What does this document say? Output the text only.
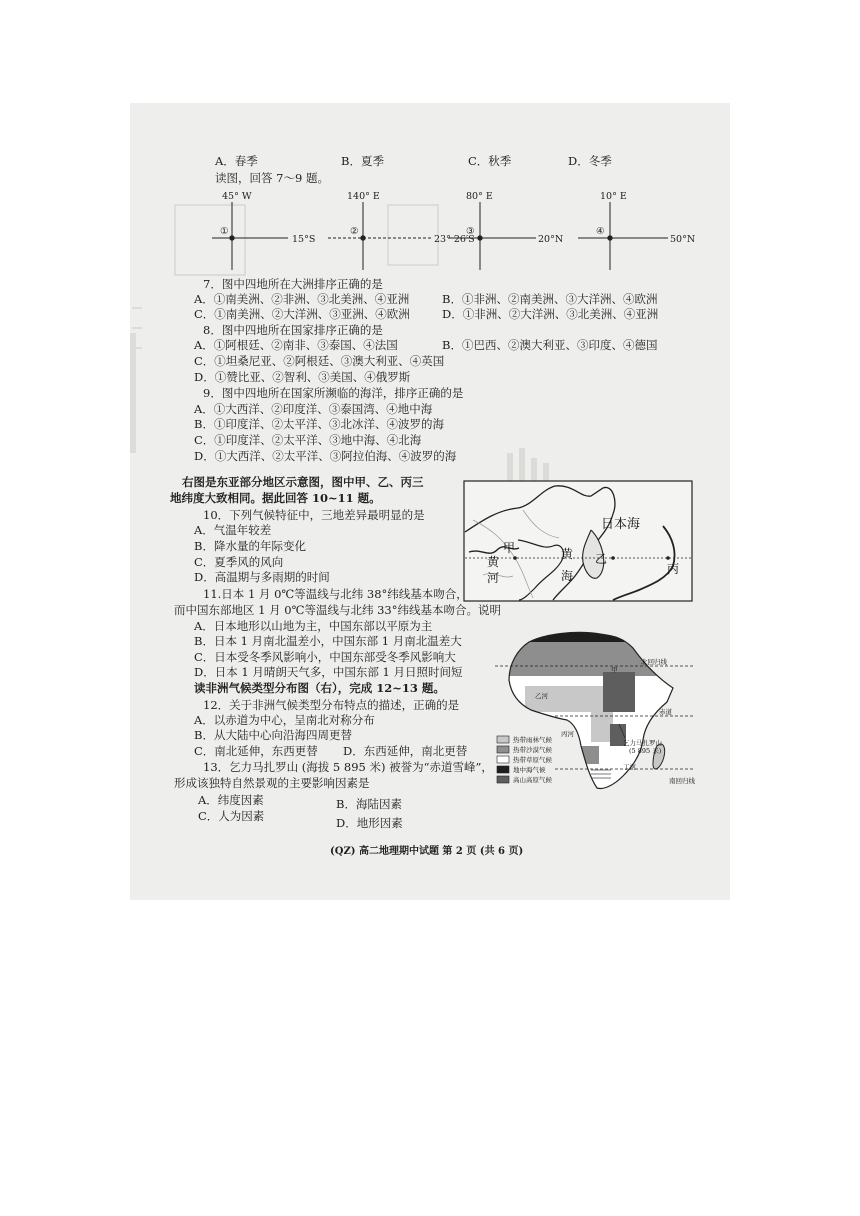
A．春季	B．夏季	C．秋季	D．冬季
读图，回答 7～9 题。
45° W
①
15°S
140° E
②
23° 26′S
80° E
③
20°N
10° E
④
50°N
7．图中四地所在大洲排序正确的是
A．①南美洲、②非洲、③北美洲、④亚洲	B．①非洲、②南美洲、③大洋洲、④欧洲
C．①南美洲、②大洋洲、③亚洲、④欧洲	D．①非洲、②大洋洲、③北美洲、④亚洲
8．图中四地所在国家排序正确的是
A．①阿根廷、②南非、③泰国、④法国	B．①巴西、②澳大利亚、③印度、④德国
C．①坦桑尼亚、②阿根廷、③澳大利亚、④英国
D．①赞比亚、②智利、③美国、④俄罗斯
9．图中四地所在国家所濒临的海洋，排序正确的是
A．①大西洋、②印度洋、③泰国湾、④地中海
B．①印度洋、②太平洋、③北冰洋、④波罗的海
C．①印度洋、②太平洋、③地中海、④北海
D．①大西洋、②太平洋、③阿拉伯海、④波罗的海
右图是东亚部分地区示意图，图中甲、乙、丙三
地纬度大致相同。据此回答 10~11 题。
日本海
甲
乙
丙
黄
河
黄
海
10．下列气候特征中，三地差异最明显的是
A．气温年较差
B．降水量的年际变化
C．夏季风的风向
D．高温期与多雨期的时间
11.日本 1 月 0℃等温线与北纬 38°纬线基本吻合，
而中国东部地区 1 月 0℃等温线与北纬 33°纬线基本吻合。说明
A．日本地形以山地为主，中国东部以平原为主
B．日本 1 月南北温差小，中国东部 1 月南北温差大
C．日本受冬季风影响小，中国东部受冬季风影响大
D．日本 1 月晴朗天气多，中国东部 1 月日照时间短
读非洲气候类型分布图（右），完成 12~13 题。
12．关于非洲气候类型分布特点的描述，正确的是
A．以赤道为中心，呈南北对称分布
B．从大陆中心向沿海四周更替
C．南北延伸，东西更替 D．东西延伸，南北更替
13．乞力马扎罗山 (海拔 5 895 米) 被誉为“赤道雪峰”，
形成该独特自然景观的主要影响因素是
A．纬度因素	B．海陆因素
C．人为因素	D．地形因素
北回归线
甲
乙河
赤道
丙河
乞力马扎罗山
(5 895 米)
丁河
南回归线
热带雨林气候
热带沙漠气候
热带草原气候
地中海气候
高山高原气候
(QZ) 高二地理期中试题 第 2 页 (共 6 页)
